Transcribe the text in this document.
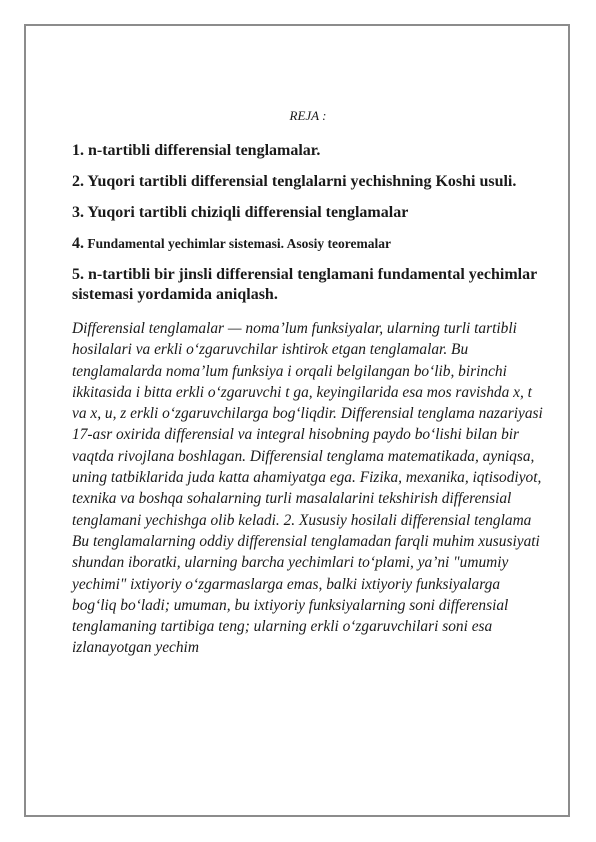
REJA :
1. n-tartibli differensial tenglamalar.
2. Yuqori tartibli differensial tenglalarni yechishning Koshi usuli.
3. Yuqori tartibli chiziqli differensial tenglamalar
4. Fundamental yechimlar sistemasi. Asosiy teoremalar
5. n-tartibli bir jinsli differensial tenglamani fundamental yechimlar sistemasi yordamida aniqlash.

Differensial tenglamalar — noma’lum funksiyalar, ularning turli tartibli hosilalari va erkli o‘zgaruvchilar ishtirok etgan tenglamalar. Bu tenglamalarda noma’lum funksiya i orqali belgilangan bo‘lib, birinchi ikkitasida i bitta erkli o‘zgaruvchi t ga, keyingilarida esa mos ravishda x, t va x, u, z erkli o‘zgaruvchilarga bog‘liqdir. Differensial tenglama nazariyasi 17-asr oxirida differensial va integral hisobning paydo bo‘lishi bilan bir vaqtda rivojlana boshlagan. Differensial tenglama matematikada, ayniqsa, uning tatbiklarida juda katta ahamiyatga ega. Fizika, mexanika, iqtisodiyot, texnika va boshqa sohalarning turli masalalarini tekshirish differensial tenglamani yechishga olib keladi. 2. Xususiy hosilali differensial tenglama Bu tenglamalarning oddiy differensial tenglamadan farqli muhim xususiyati shundan iboratki, ularning barcha yechimlari to‘plami, ya’ni "umumiy yechimi" ixtiyoriy o‘zgarmaslarga emas, balki ixtiyoriy funksiyalarga bog‘liq bo‘ladi; umuman, bu ixtiyoriy funksiyalarning soni differensial tenglamaning tartibiga teng; ularning erkli o‘zgaruvchilari soni esa izlanayotgan yechim
